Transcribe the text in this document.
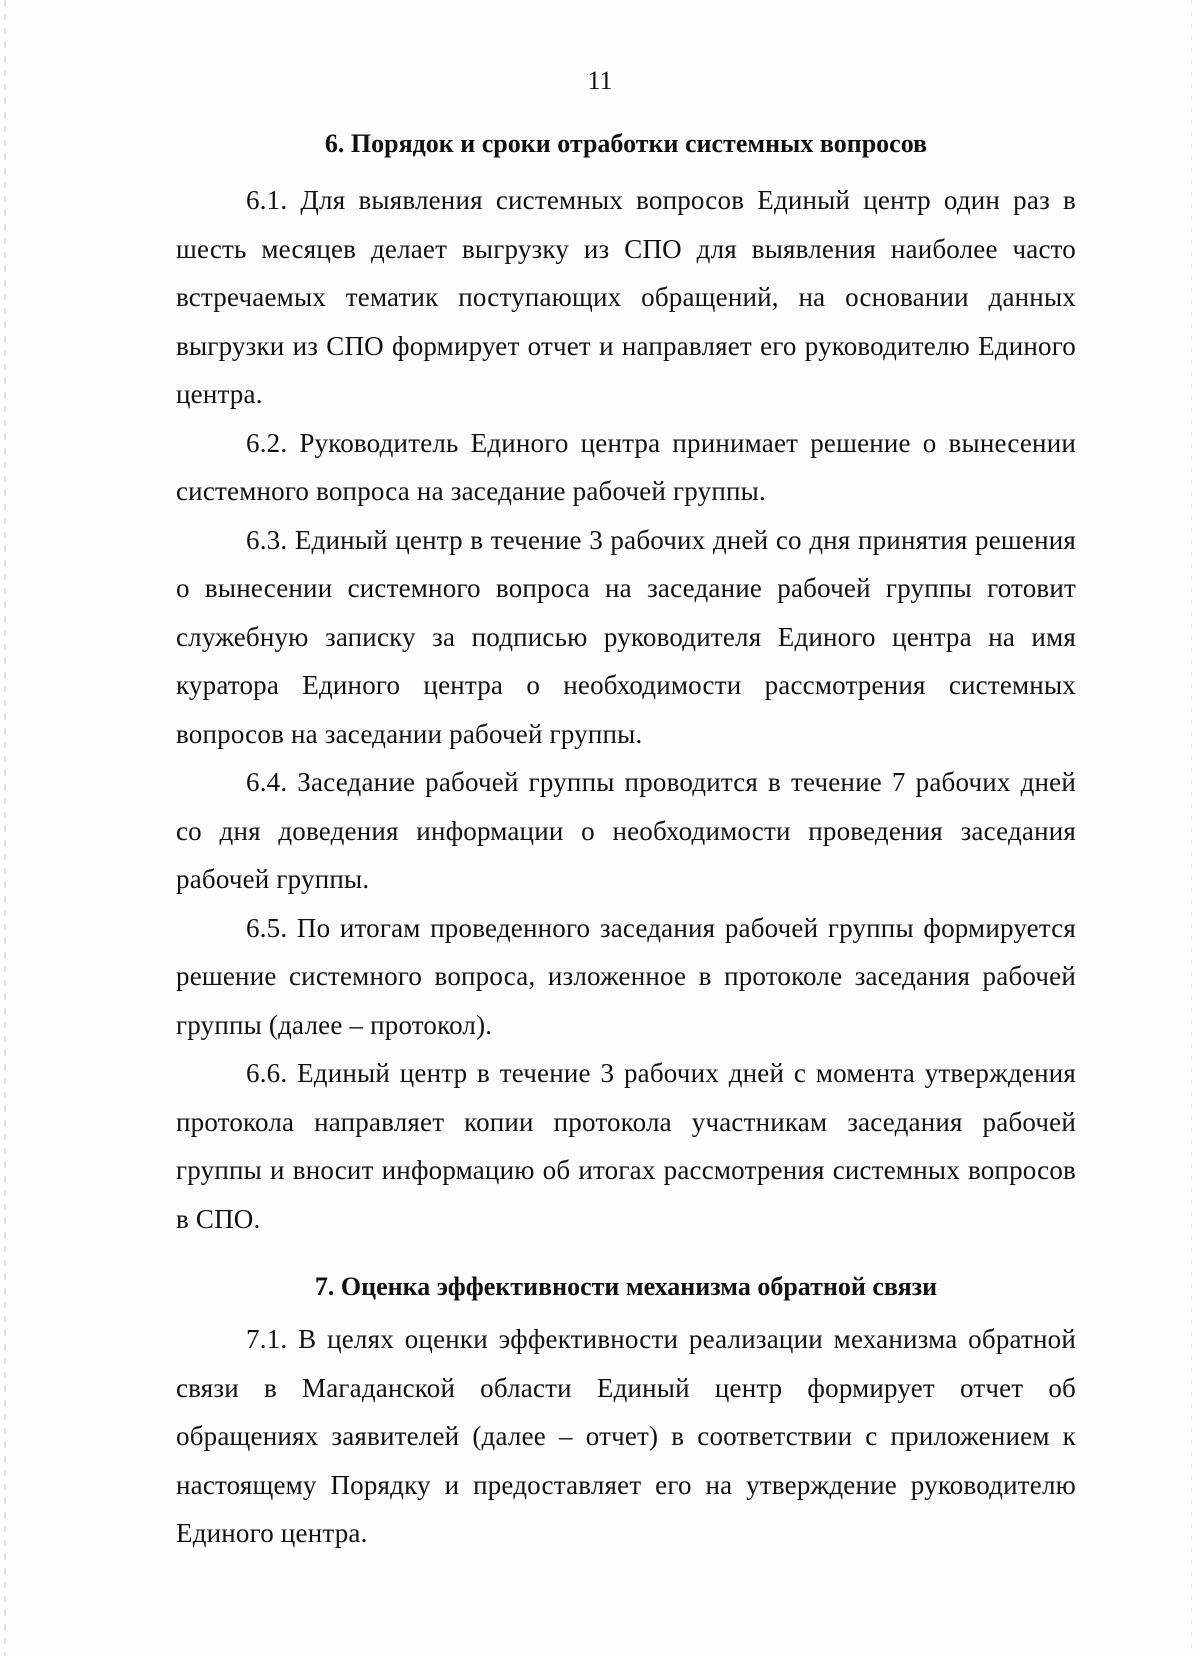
11
6. Порядок и сроки отработки системных вопросов

6.1. Для выявления системных вопросов Единый центр один раз в шесть месяцев делает выгрузку из СПО для выявления наиболее часто встречаемых тематик поступающих обращений, на основании данных выгрузки из СПО формирует отчет и направляет его руководителю Единого центра.

6.2. Руководитель Единого центра принимает решение о вынесении системного вопроса на заседание рабочей группы.

6.3. Единый центр в течение 3 рабочих дней со дня принятия решения о вынесении системного вопроса на заседание рабочей группы готовит служебную записку за подписью руководителя Единого центра на имя куратора Единого центра о необходимости рассмотрения системных вопросов на заседании рабочей группы.

6.4. Заседание рабочей группы проводится в течение 7 рабочих дней со дня доведения информации о необходимости проведения заседания рабочей группы.

6.5. По итогам проведенного заседания рабочей группы формируется решение системного вопроса, изложенное в протоколе заседания рабочей группы (далее – протокол).

6.6. Единый центр в течение 3 рабочих дней с момента утверждения протокола направляет копии протокола участникам заседания рабочей группы и вносит информацию об итогах рассмотрения системных вопросов в СПО.

7. Оценка эффективности механизма обратной связи

7.1. В целях оценки эффективности реализации механизма обратной связи в Магаданской области Единый центр формирует отчет об обращениях заявителей (далее – отчет) в соответствии с приложением к настоящему Порядку и предоставляет его на утверждение руководителю Единого центра.
